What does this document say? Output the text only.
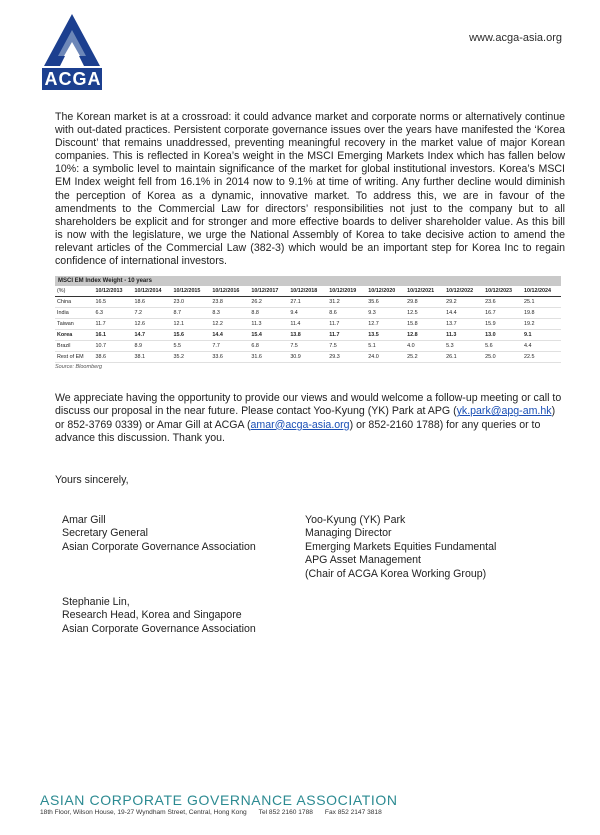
ACGA
www.acga-asia.org
The Korean market is at a crossroad: it could advance market and corporate norms or alternatively continue with out-dated practices. Persistent corporate governance issues over the years have manifested the ‘Korea Discount’ that remains unaddressed, preventing meaningful recovery in the market value of major Korean companies. This is reflected in Korea’s weight in the MSCI Emerging Markets Index which has fallen below 10%: a symbolic level to maintain significance of the market for global institutional investors. Korea’s MSCI EM Index weight fell from 16.1% in 2014 now to 9.1% at time of writing. Any further decline would diminish the perception of Korea as a dynamic, innovative market. To address this, we are in favour of the amendments to the Commercial Law for directors’ responsibilities not just to the company but to all shareholders be explicit and for stronger and more effective boards to deliver shareholder value. As this bill is now with the legislature, we urge the National Assembly of Korea to take decisive action to amend the relevant articles of the Commercial Law (382-3) which would be an important step for Korea Inc to regain confidence of international investors.
MSCI EM Index Weight - 10 years
(%)	10/12/2013	10/12/2014	10/12/2015	10/12/2016	10/12/2017	10/12/2018	10/12/2019	10/12/2020	10/12/2021	10/12/2022	10/12/2023	10/12/2024
China	16.5	18.6	23.0	23.8	26.2	27.1	31.2	35.6	29.8	29.2	23.6	25.1
India	6.3	7.2	8.7	8.3	8.8	9.4	8.6	9.3	12.5	14.4	16.7	19.8
Taiwan	11.7	12.6	12.1	12.2	11.3	11.4	11.7	12.7	15.8	13.7	15.9	19.2
Korea	16.1	14.7	15.6	14.4	15.4	13.8	11.7	13.5	12.8	11.3	13.0	9.1
Brazil	10.7	8.9	5.5	7.7	6.8	7.5	7.5	5.1	4.0	5.3	5.6	4.4
Rest of EM	38.6	38.1	35.2	33.6	31.6	30.9	29.3	24.0	25.2	26.1	25.0	22.5
Source: Bloomberg
We appreciate having the opportunity to provide our views and would welcome a follow-up meeting or call to discuss our proposal in the near future. Please contact Yoo-Kyung (YK) Park at APG (yk.park@apg-am.hk) or 852-3769 0339) or Amar Gill at ACGA (amar@acga-asia.org) or 852-2160 1788) for any queries or to advance this discussion. Thank you.
Yours sincerely,
Amar Gill
Secretary General
Asian Corporate Governance Association
Yoo-Kyung (YK) Park
Managing Director
Emerging Markets Equities Fundamental
APG Asset Management
(Chair of ACGA Korea Working Group)
Stephanie Lin,
Research Head, Korea and Singapore
Asian Corporate Governance Association
ASIAN CORPORATE GOVERNANCE ASSOCIATION
18th Floor, Wilson House, 19-27 Wyndham Street, Central, Hong Kong Tel 852 2160 1788 Fax 852 2147 3818
